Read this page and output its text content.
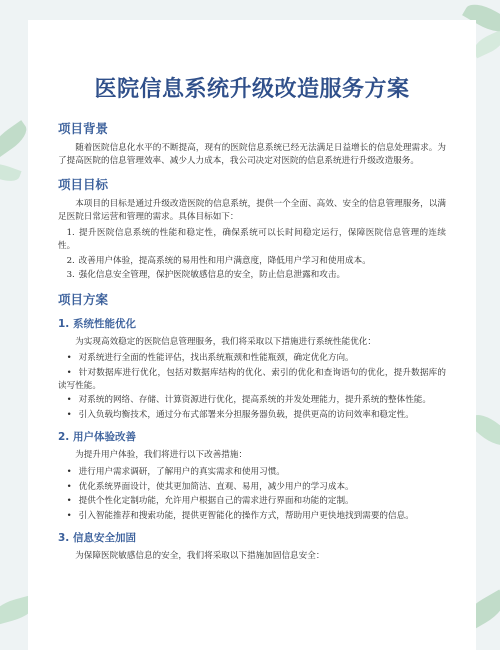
医院信息系统升级改造服务方案
项目背景

随着医院信息化水平的不断提高，现有的医院信息系统已经无法满足日益增长的信息处理需求。为了提高医院的信息管理效率、减少人力成本，我公司决定对医院的信息系统进行升级改造服务。

项目目标

本项目的目标是通过升级改造医院的信息系统，提供一个全面、高效、安全的信息管理服务，以满足医院日常运营和管理的需求。具体目标如下：

1. 提升医院信息系统的性能和稳定性，确保系统可以长时间稳定运行，保障医院信息管理的连续性。
2. 改善用户体验，提高系统的易用性和用户满意度，降低用户学习和使用成本。
3. 强化信息安全管理，保护医院敏感信息的安全，防止信息泄露和攻击。
项目方案
1. 系统性能优化

为实现高效稳定的医院信息管理服务，我们将采取以下措施进行系统性能优化：

• 对系统进行全面的性能评估，找出系统瓶颈和性能瓶颈，确定优化方向。
• 针对数据库进行优化，包括对数据库结构的优化、索引的优化和查询语句的优化，提升数据库的读写性能。
• 对系统的网络、存储、计算资源进行优化，提高系统的并发处理能力，提升系统的整体性能。
• 引入负载均衡技术，通过分布式部署来分担服务器负载，提供更高的访问效率和稳定性。
2. 用户体验改善

为提升用户体验，我们将进行以下改善措施：

• 进行用户需求调研，了解用户的真实需求和使用习惯。
• 优化系统界面设计，使其更加简洁、直观、易用，减少用户的学习成本。
• 提供个性化定制功能，允许用户根据自己的需求进行界面和功能的定制。
• 引入智能推荐和搜索功能，提供更智能化的操作方式，帮助用户更快地找到需要的信息。
3. 信息安全加固

为保障医院敏感信息的安全，我们将采取以下措施加固信息安全：
